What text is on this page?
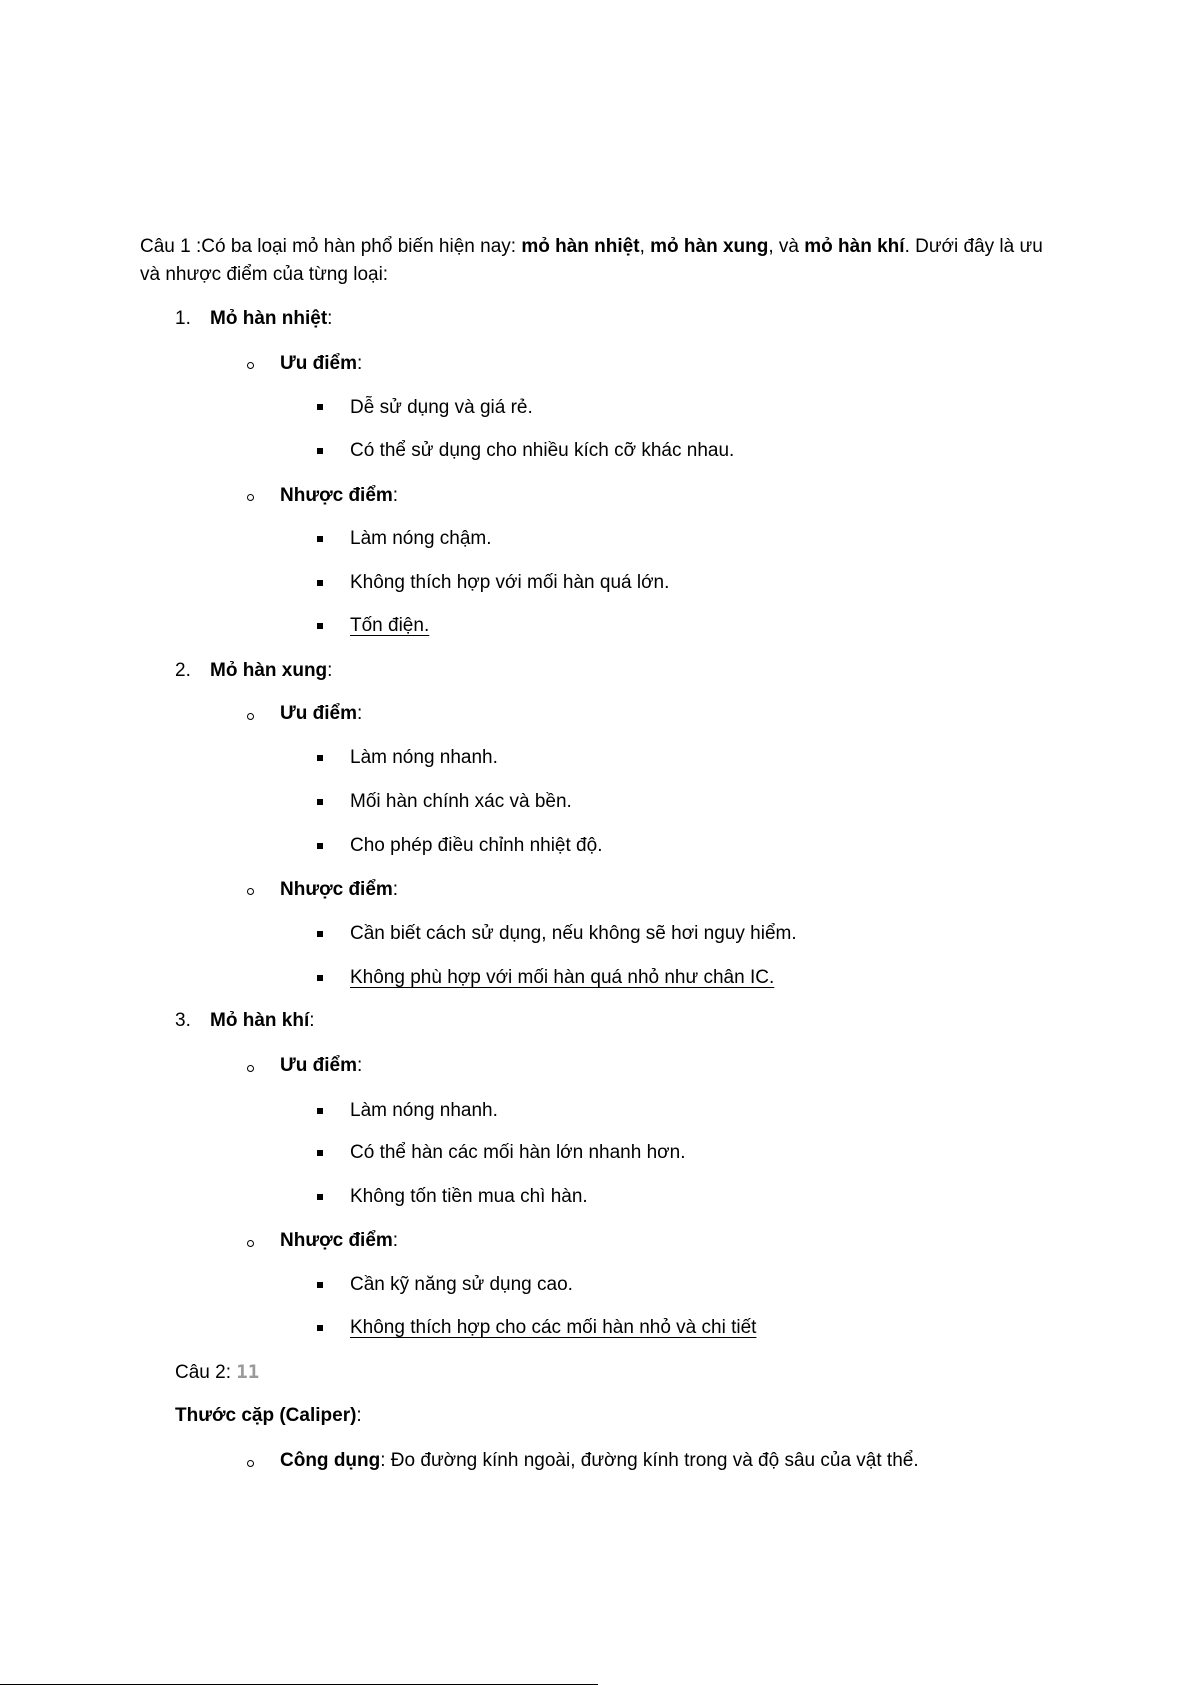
Câu 1 :Có ba loại mỏ hàn phổ biến hiện nay: mỏ hàn nhiệt, mỏ hàn xung, và mỏ hàn khí. Dưới đây là ưu
và nhược điểm của từng loại:
1. Mỏ hàn nhiệt:
Ưu điểm:
Dễ sử dụng và giá rẻ.
Có thể sử dụng cho nhiều kích cỡ khác nhau.
Nhược điểm:
Làm nóng chậm.
Không thích hợp với mối hàn quá lớn.
Tốn điện.
2. Mỏ hàn xung:
Ưu điểm:
Làm nóng nhanh.
Mối hàn chính xác và bền.
Cho phép điều chỉnh nhiệt độ.
Nhược điểm:
Cần biết cách sử dụng, nếu không sẽ hơi nguy hiểm.
Không phù hợp với mối hàn quá nhỏ như chân IC.
3. Mỏ hàn khí:
Ưu điểm:
Làm nóng nhanh.
Có thể hàn các mối hàn lớn nhanh hơn.
Không tốn tiền mua chì hàn.
Nhược điểm:
Cần kỹ năng sử dụng cao.
Không thích hợp cho các mối hàn nhỏ và chi tiết
Câu 2: 11
Thước cặp (Caliper):
Công dụng: Đo đường kính ngoài, đường kính trong và độ sâu của vật thể.
